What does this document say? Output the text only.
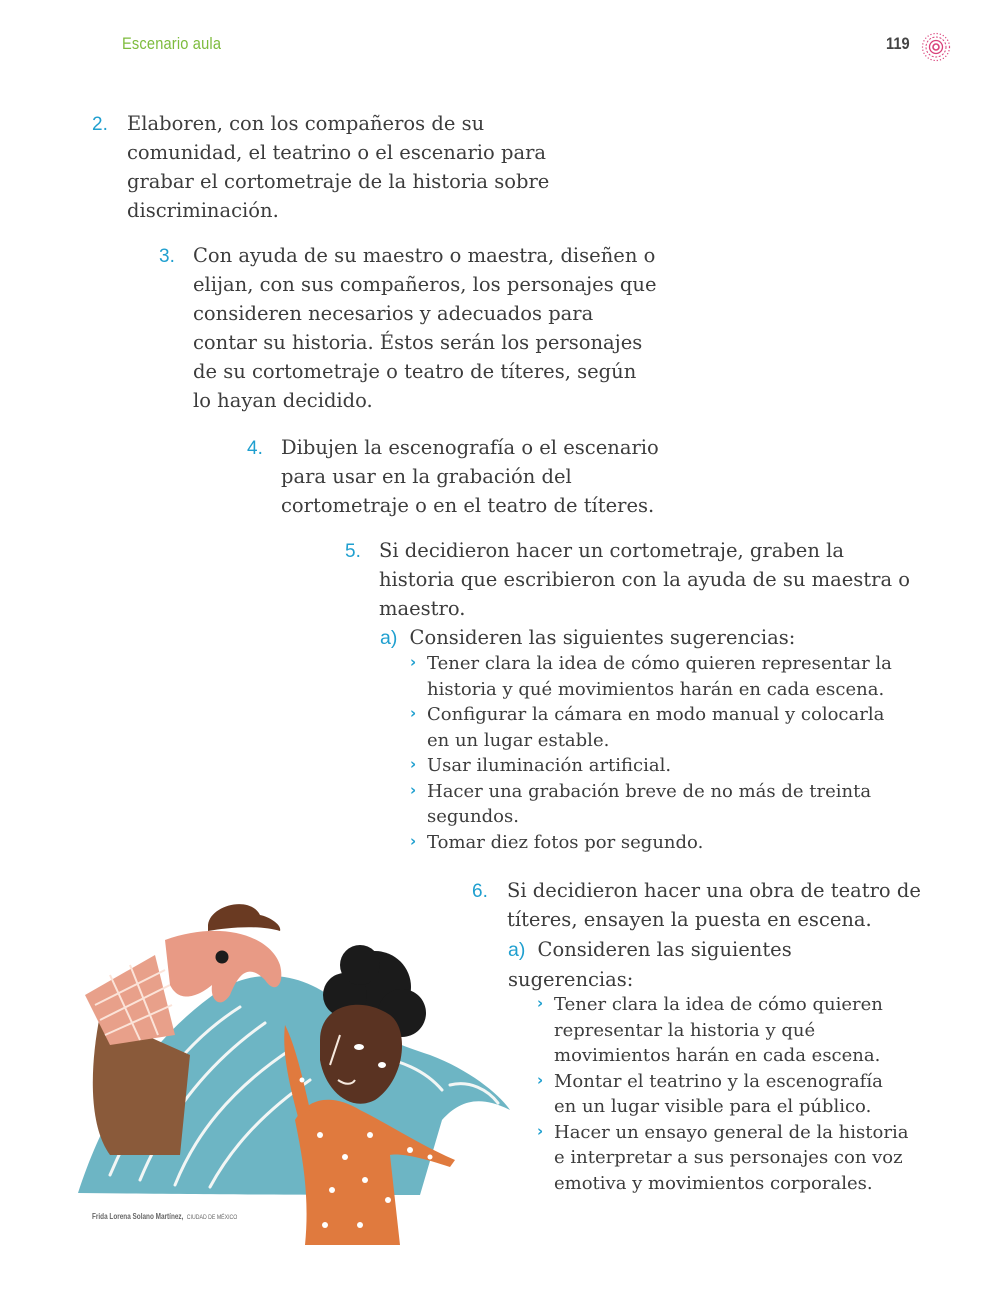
Escenario aula	119
2. Elaboren, con los compañeros de su comunidad, el teatrino o el escenario para grabar el cortometraje de la historia sobre discriminación.
3. Con ayuda de su maestro o maestra, diseñen o elijan, con sus compañeros, los personajes que consideren necesarios y adecuados para contar su historia. Éstos serán los personajes de su cortometraje o teatro de títeres, según lo hayan decidido.
4. Dibujen la escenografía o el escenario para usar en la grabación del cortometraje o en el teatro de títeres.
5. Si decidieron hacer un cortometraje, graben la historia que escribieron con la ayuda de su maestra o maestro.
a) Consideren las siguientes sugerencias:
› Tener clara la idea de cómo quieren representar la historia y qué movimientos harán en cada escena.
› Configurar la cámara en modo manual y colocarla en un lugar estable.
› Usar iluminación artificial.
› Hacer una grabación breve de no más de treinta segundos.
› Tomar diez fotos por segundo.
6. Si decidieron hacer una obra de teatro de títeres, ensayen la puesta en escena.
a) Consideren las siguientes sugerencias:
› Tener clara la idea de cómo quieren representar la historia y qué movimientos harán en cada escena.
› Montar el teatrino y la escenografía en un lugar visible para el público.
› Hacer un ensayo general de la historia e interpretar a sus personajes con voz emotiva y movimientos corporales.
Frida Lorena Solano Martínez, CIUDAD DE MÉXICO
